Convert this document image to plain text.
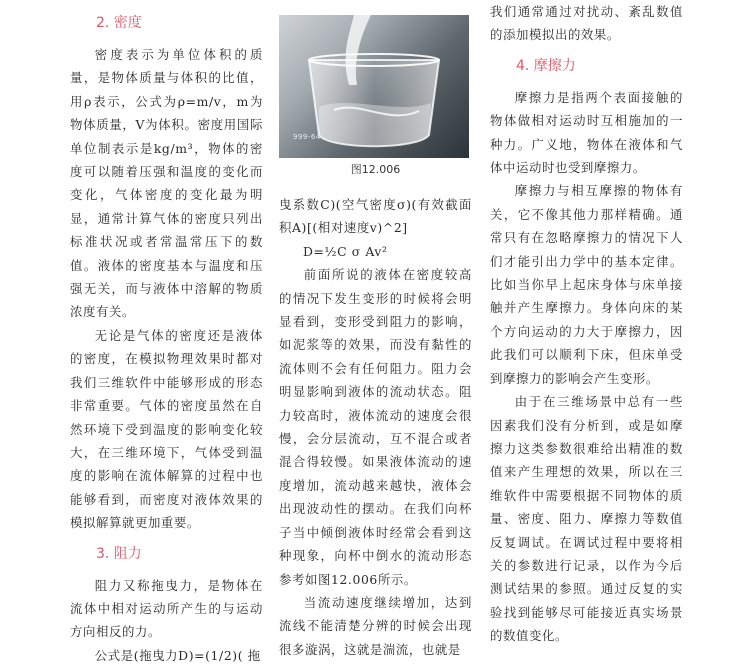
2. 密度

密度表示为单位体积的质量，是物体质量与体积的比值，用ρ表示，公式为ρ=m/v，m为物体质量，V为体积。密度用国际单位制表示是kg/m³，物体的密度可以随着压强和温度的变化而变化，气体密度的变化最为明显，通常计算气体的密度只列出标准状况或者常温常压下的数值。液体的密度基本与温度和压强无关，而与液体中溶解的物质浓度有关。

无论是气体的密度还是液体的密度，在模拟物理效果时都对我们三维软件中能够形成的形态非常重要。气体的密度虽然在自然环境下受到温度的影响变化较大，在三维环境下，气体受到温度的影响在流体解算的过程中也能够看到，而密度对液体效果的模拟解算就更加重要。

3. 阻力

阻力又称拖曳力，是物体在流体中相对运动所产生的与运动方向相反的力。

公式是(拖曳力D)=(1/2)( 拖

999-64
图12.006

曳系数C)(空气密度σ)(有效截面积A)[(相对速度v)^2]

D=½C σ Av²

前面所说的液体在密度较高的情况下发生变形的时候将会明显看到，变形受到阻力的影响，如泥浆等的效果，而没有黏性的流体则不会有任何阻力。阻力会明显影响到液体的流动状态。阻力较高时，液体流动的速度会很慢，会分层流动，互不混合或者混合得较慢。如果液体流动的速度增加，流动越来越快，液体会出现波动性的摆动。在我们向杯子当中倾倒液体时经常会看到这种现象，向杯中倒水的流动形态参考如图12.006所示。

当流动速度继续增加，达到流线不能清楚分辨的时候会出现很多漩涡，这就是湍流，也就是

我们通常通过对扰动、紊乱数值的添加模拟出的效果。

4. 摩擦力

摩擦力是指两个表面接触的物体做相对运动时互相施加的一种力。广义地，物体在液体和气体中运动时也受到摩擦力。

摩擦力与相互摩擦的物体有关，它不像其他力那样精确。通常只有在忽略摩擦力的情况下人们才能引出力学中的基本定律。比如当你早上起床身体与床单接触并产生摩擦力。身体向床的某个方向运动的力大于摩擦力，因此我们可以顺利下床，但床单受到摩擦力的影响会产生变形。

由于在三维场景中总有一些因素我们没有分析到，或是如摩擦力这类参数很难给出精准的数值来产生理想的效果，所以在三维软件中需要根据不同物体的质量、密度、阻力、摩擦力等数值反复调试。在调试过程中要将相关的参数进行记录，以作为今后测试结果的参照。通过反复的实验找到能够尽可能接近真实场景的数值变化。
